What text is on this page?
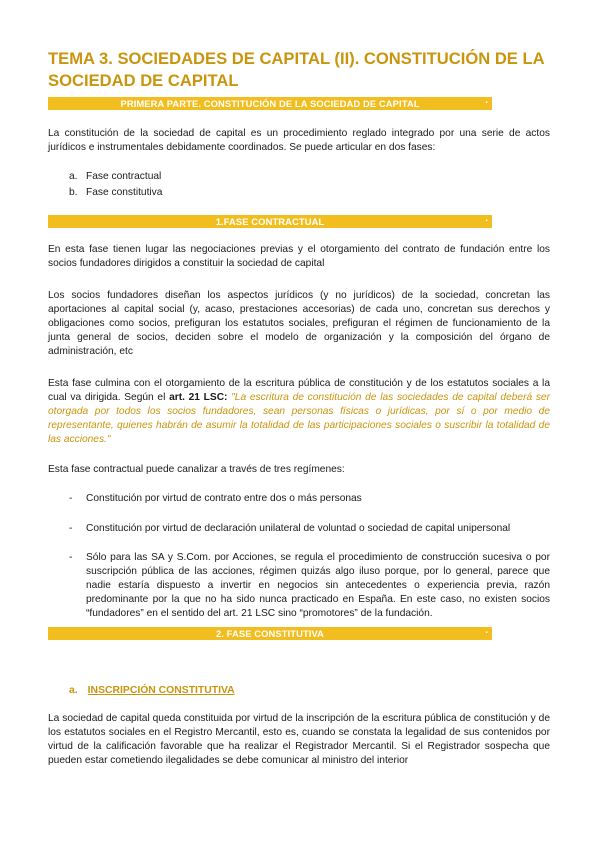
TEMA 3. SOCIEDADES DE CAPITAL (II). CONSTITUCIÓN DE LA SOCIEDAD DE CAPITAL
PRIMERA PARTE. CONSTITUCIÓN DE LA SOCIEDAD DE CAPITAL	.

La constitución de la sociedad de capital es un procedimiento reglado integrado por una serie de actos jurídicos e instrumentales debidamente coordinados. Se puede articular en dos fases:

a. Fase contractual
b. Fase constitutiva
1.FASE CONTRACTUAL	.

En esta fase tienen lugar las negociaciones previas y el otorgamiento del contrato de fundación entre los socios fundadores dirigidos a constituir la sociedad de capital

Los socios fundadores diseñan los aspectos jurídicos (y no jurídicos) de la sociedad, concretan las aportaciones al capital social (y, acaso, prestaciones accesorias) de cada uno, concretan sus derechos y obligaciones como socios, prefiguran los estatutos sociales, prefiguran el régimen de funcionamiento de la junta general de socios, deciden sobre el modelo de organización y la composición del órgano de administración, etc

Esta fase culmina con el otorgamiento de la escritura pública de constitución y de los estatutos sociales a la cual va dirigida. Según el art. 21 LSC: "La escritura de constitución de las sociedades de capital deberá ser otorgada por todos los socios fundadores, sean personas físicas o jurídicas, por sí o por medio de representante, quienes habrán de asumir la totalidad de las participaciones sociales o suscribir la totalidad de las acciones."

Esta fase contractual puede canalizar a través de tres regímenes:

- Constitución por virtud de contrato entre dos o más personas

- Constitución por virtud de declaración unilateral de voluntad o sociedad de capital unipersonal

- Sólo para las SA y S.Com. por Acciones, se regula el procedimiento de construcción sucesiva o por suscripción pública de las acciones, régimen quizás algo iluso porque, por lo general, parece que nadie estaría dispuesto a invertir en negocios sin antecedentes o experiencia previa, razón predominante por la que no ha sido nunca practicado en España. En este caso, no existen socios “fundadores” en el sentido del art. 21 LSC sino “promotores” de la fundación.

2. FASE CONSTITUTIVA	.
a. INSCRIPCIÓN CONSTITUTIVA

La sociedad de capital queda constituida por virtud de la inscripción de la escritura pública de constitución y de los estatutos sociales en el Registro Mercantil, esto es, cuando se constata la legalidad de sus contenidos por virtud de la calificación favorable que ha realizar el Registrador Mercantil. Si el Registrador sospecha que pueden estar cometiendo ilegalidades se debe comunicar al ministro del interior
